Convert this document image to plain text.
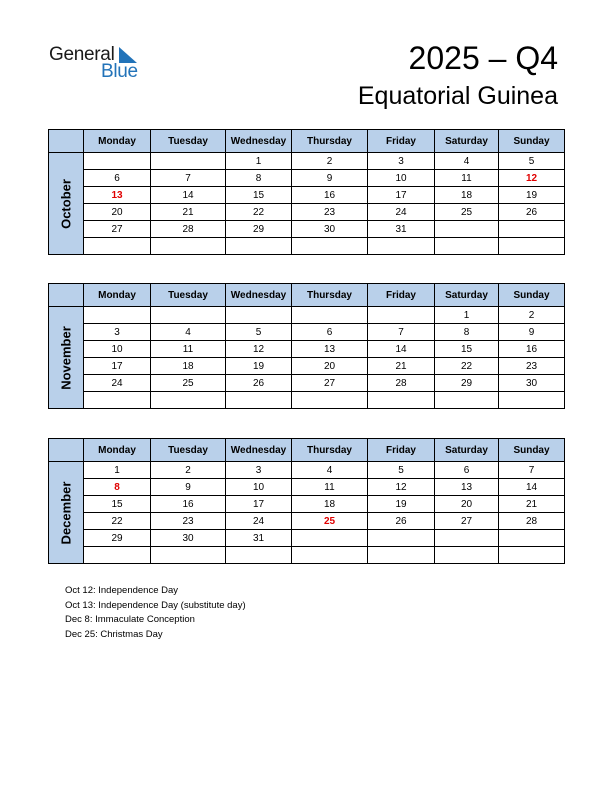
General
Blue	2025 – Q4
Equatorial Guinea
	Monday	Tuesday	Wednesday	Thursday	Friday	Saturday	Sunday

October			1	2	3	4	5
	6	7	8	9	10	11	12
	13	14	15	16	17	18	19
	20	21	22	23	24	25	26
	27	28	29	30	31		

	Monday	Tuesday	Wednesday	Thursday	Friday	Saturday	Sunday

November						1	2
	3	4	5	6	7	8	9
	10	11	12	13	14	15	16
	17	18	19	20	21	22	23
	24	25	26	27	28	29	30

	Monday	Tuesday	Wednesday	Thursday	Friday	Saturday	Sunday

December	1	2	3	4	5	6	7
	8	9	10	11	12	13	14
	15	16	17	18	19	20	21
	22	23	24	25	26	27	28
	29	30	31				

Oct 12: Independence Day
Oct 13: Independence Day (substitute day)
Dec 8: Immaculate Conception
Dec 25: Christmas Day
